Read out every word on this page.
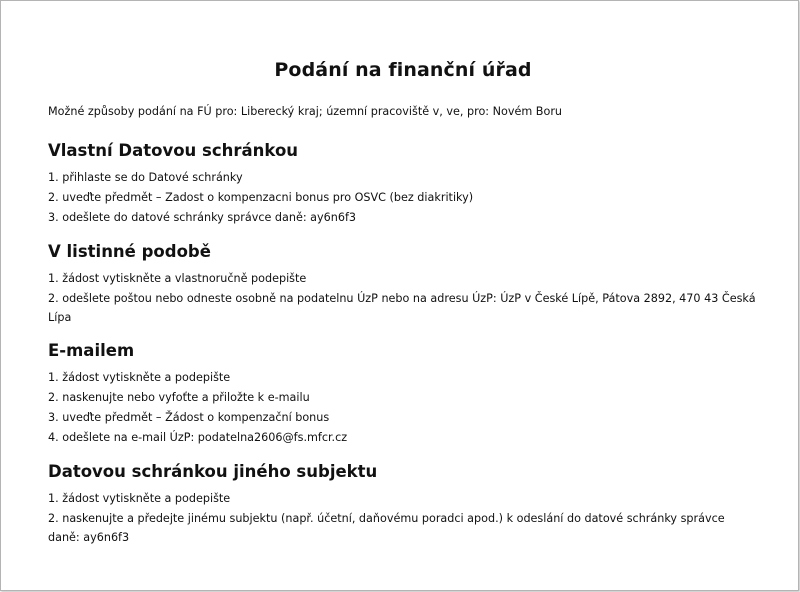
Podání na finanční úřad

Možné způsoby podání na FÚ pro: Liberecký kraj; územní pracoviště v, ve, pro: Novém Boru

Vlastní Datovou schránkou
1. přihlaste se do Datové schránky
2. uveďte předmět – Zadost o kompenzacni bonus pro OSVC (bez diakritiky)
3. odešlete do datové schránky správce daně: ay6n6f3
V listinné podobě
1. žádost vytiskněte a vlastnoručně podepište
2. odešlete poštou nebo odneste osobně na podatelnu ÚzP nebo na adresu ÚzP: ÚzP v České Lípě, Pátova 2892, 470 43 Česká Lípa
E-mailem
1. žádost vytiskněte a podepište
2. naskenujte nebo vyfoťte a přiložte k e-mailu
3. uveďte předmět – Žádost o kompenzační bonus
4. odešlete na e-mail ÚzP: podatelna2606@fs.mfcr.cz
Datovou schránkou jiného subjektu
1. žádost vytiskněte a podepište
2. naskenujte a předejte jinému subjektu (např. účetní, daňovému poradci apod.) k odeslání do datové schránky správce daně: ay6n6f3
